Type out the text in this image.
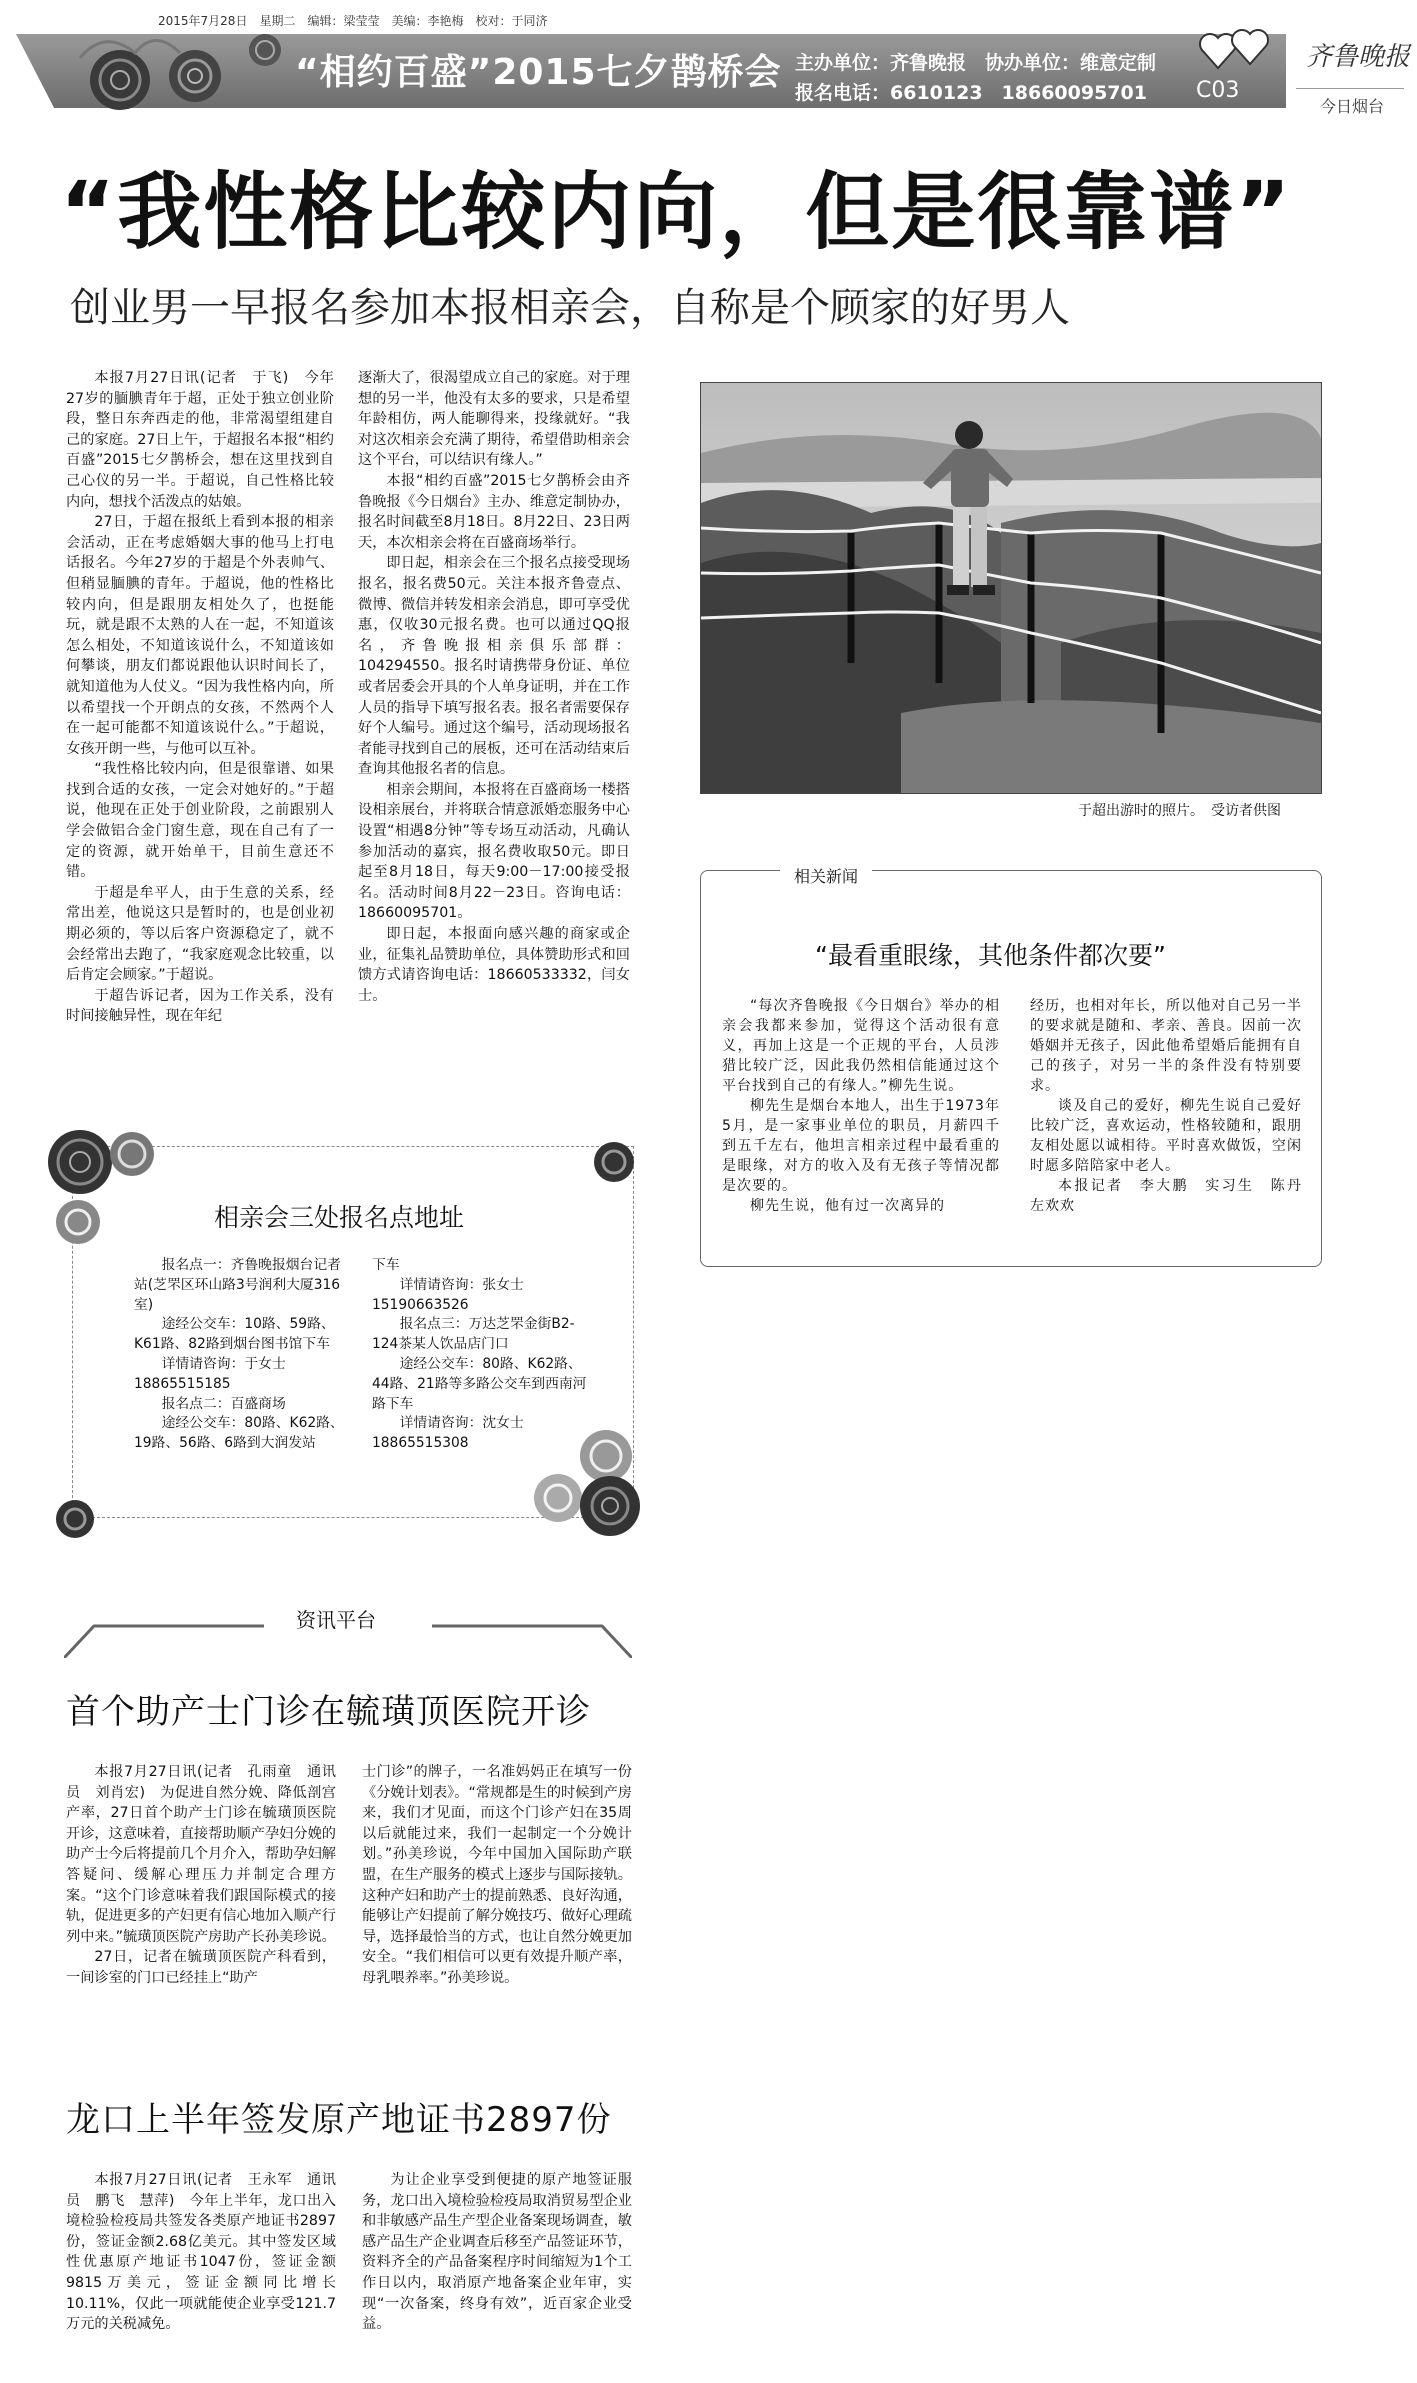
2015年7月28日　星期二　编辑：梁莹莹　美编：李艳梅　校对：于同济
“相约百盛”2015七夕鹊桥会 主办单位：齐鲁晚报　协办单位：维意定制
报名电话：6610123　18660095701 C03
齐鲁晚报
今日烟台
“我性格比较内向，但是很靠谱”
创业男一早报名参加本报相亲会，自称是个顾家的好男人

本报7月27日讯(记者　于飞)　今年27岁的腼腆青年于超，正处于独立创业阶段，整日东奔西走的他，非常渴望组建自己的家庭。27日上午，于超报名本报“相约百盛”2015七夕鹊桥会，想在这里找到自己心仪的另一半。于超说，自己性格比较内向，想找个活泼点的姑娘。

27日，于超在报纸上看到本报的相亲会活动，正在考虑婚姻大事的他马上打电话报名。今年27岁的于超是个外表帅气、但稍显腼腆的青年。于超说，他的性格比较内向，但是跟朋友相处久了，也挺能玩，就是跟不太熟的人在一起，不知道该怎么相处，不知道该说什么，不知道该如何攀谈，朋友们都说跟他认识时间长了，就知道他为人仗义。“因为我性格内向，所以希望找一个开朗点的女孩，不然两个人在一起可能都不知道该说什么。”于超说，女孩开朗一些，与他可以互补。

“我性格比较内向，但是很靠谱、如果找到合适的女孩，一定会对她好的。”于超说，他现在正处于创业阶段，之前跟别人学会做铝合金门窗生意，现在自己有了一定的资源，就开始单干，目前生意还不错。

于超是牟平人，由于生意的关系，经常出差，他说这只是暂时的，也是创业初期必须的，等以后客户资源稳定了，就不会经常出去跑了，“我家庭观念比较重，以后肯定会顾家。”于超说。

于超告诉记者，因为工作关系，没有时间接触异性，现在年纪

逐渐大了，很渴望成立自己的家庭。对于理想的另一半，他没有太多的要求，只是希望年龄相仿，两人能聊得来，投缘就好。“我对这次相亲会充满了期待，希望借助相亲会这个平台，可以结识有缘人。”

本报“相约百盛”2015七夕鹊桥会由齐鲁晚报《今日烟台》主办、维意定制协办，报名时间截至8月18日。8月22日、23日两天，本次相亲会将在百盛商场举行。

即日起，相亲会在三个报名点接受现场报名，报名费50元。关注本报齐鲁壹点、微博、微信并转发相亲会消息，即可享受优惠，仅收30元报名费。也可以通过QQ报名，齐鲁晚报相亲俱乐部群：104294550。报名时请携带身份证、单位或者居委会开具的个人单身证明，并在工作人员的指导下填写报名表。报名者需要保存好个人编号。通过这个编号，活动现场报名者能寻找到自己的展板，还可在活动结束后查询其他报名者的信息。

相亲会期间，本报将在百盛商场一楼搭设相亲展台，并将联合情意派婚恋服务中心设置“相遇8分钟”等专场互动活动，凡确认参加活动的嘉宾，报名费收取50元。即日起至8月18日，每天9:00－17:00接受报名。活动时间8月22－23日。咨询电话：18660095701。

即日起，本报面向感兴趣的商家或企业，征集礼品赞助单位，具体赞助形式和回馈方式请咨询电话：18660533332，闫女士。

于超出游时的照片。　受访者供图
相关新闻
“最看重眼缘，其他条件都次要”

“每次齐鲁晚报《今日烟台》举办的相亲会我都来参加，觉得这个活动很有意义，再加上这是一个正规的平台，人员涉猎比较广泛，因此我仍然相信能通过这个平台找到自己的有缘人。”柳先生说。

柳先生是烟台本地人，出生于1973年5月，是一家事业单位的职员，月薪四千到五千左右，他坦言相亲过程中最看重的是眼缘，对方的收入及有无孩子等情况都是次要的。

柳先生说，他有过一次离异的

经历，也相对年长，所以他对自己另一半的要求就是随和、孝亲、善良。因前一次婚姻并无孩子，因此他希望婚后能拥有自己的孩子，对另一半的条件没有特别要求。

谈及自己的爱好，柳先生说自己爱好比较广泛，喜欢运动，性格较随和，跟朋友相处愿以诚相待。平时喜欢做饭，空闲时愿多陪陪家中老人。

本报记者　李大鹏　实习生　陈丹　左欢欢

相亲会三处报名点地址

报名点一：齐鲁晚报烟台记者站(芝罘区环山路3号润利大厦316室)

途经公交车：10路、59路、K61路、82路到烟台图书馆下车

详情请咨询：于女士18865515185

报名点二：百盛商场

途经公交车：80路、K62路、19路、56路、6路到大润发站

下车

详情请咨询：张女士15190663526

报名点三：万达芝罘金街B2-124茶某人饮品店门口

途经公交车：80路、K62路、44路、21路等多路公交车到西南河路下车

详情请咨询：沈女士18865515308

资讯平台
首个助产士门诊在毓璜顶医院开诊

本报7月27日讯(记者　孔雨童　通讯员　刘肖宏)　为促进自然分娩、降低剖宫产率，27日首个助产士门诊在毓璜顶医院开诊，这意味着，直接帮助顺产孕妇分娩的助产士今后将提前几个月介入，帮助孕妇解答疑问、缓解心理压力并制定合理方案。“这个门诊意味着我们跟国际模式的接轨，促进更多的产妇更有信心地加入顺产行列中来。”毓璜顶医院产房助产长孙美珍说。

27日，记者在毓璜顶医院产科看到，一间诊室的门口已经挂上“助产

士门诊”的牌子，一名准妈妈正在填写一份《分娩计划表》。“常规都是生的时候到产房来，我们才见面，而这个门诊产妇在35周以后就能过来，我们一起制定一个分娩计划。”孙美珍说，今年中国加入国际助产联盟，在生产服务的模式上逐步与国际接轨。这种产妇和助产士的提前熟悉、良好沟通，能够让产妇提前了解分娩技巧、做好心理疏导，选择最恰当的方式，也让自然分娩更加安全。“我们相信可以更有效提升顺产率，母乳喂养率。”孙美珍说。

龙口上半年签发原产地证书2897份

本报7月27日讯(记者　王永军　通讯员　鹏飞　慧萍)　今年上半年，龙口出入境检验检疫局共签发各类原产地证书2897份，签证金额2.68亿美元。其中签发区域性优惠原产地证书1047份，签证金额9815万美元，签证金额同比增长10.11%，仅此一项就能使企业享受121.7万元的关税减免。

为让企业享受到便捷的原产地签证服务，龙口出入境检验检疫局取消贸易型企业和非敏感产品生产型企业备案现场调查，敏感产品生产企业调查后移至产品签证环节，资料齐全的产品备案程序时间缩短为1个工作日以内，取消原产地备案企业年审，实现“一次备案，终身有效”，近百家企业受益。
